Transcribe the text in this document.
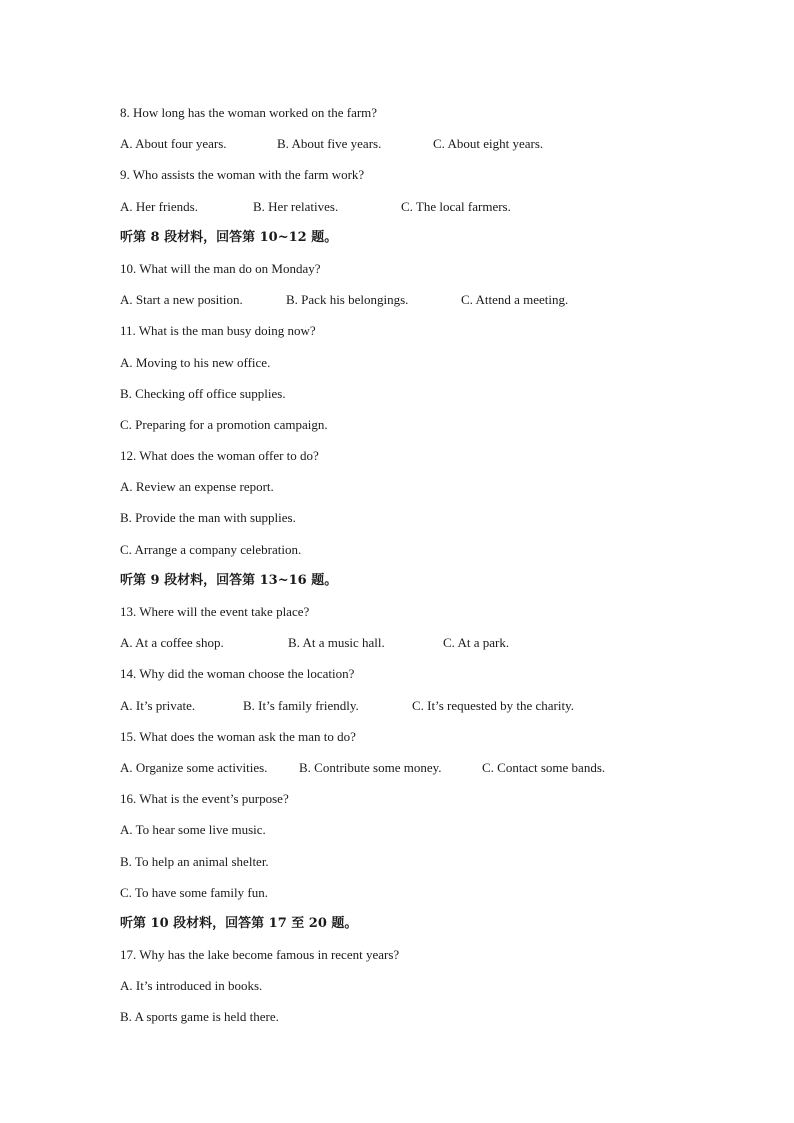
8. How long has the woman worked on the farm?
A. About four years.	B. About five years.	C. About eight years.
9. Who assists the woman with the farm work?
A. Her friends.	B. Her relatives.	C. The local farmers.
听第 8 段材料，回答第 10~12 题。
10. What will the man do on Monday?
A. Start a new position.	B. Pack his belongings.	C. Attend a meeting.
11. What is the man busy doing now?
A. Moving to his new office.
B. Checking off office supplies.
C. Preparing for a promotion campaign.
12. What does the woman offer to do?
A. Review an expense report.
B. Provide the man with supplies.
C. Arrange a company celebration.
听第 9 段材料，回答第 13~16 题。
13. Where will the event take place?
A. At a coffee shop.	B. At a music hall.	C. At a park.
14. Why did the woman choose the location?
A. It’s private.	B. It’s family friendly.	C. It’s requested by the charity.
15. What does the woman ask the man to do?
A. Organize some activities. B. Contribute some money.	C. Contact some bands.
16. What is the event’s purpose?
A. To hear some live music.
B. To help an animal shelter.
C. To have some family fun.
听第 10 段材料，回答第 17 至 20 题。
17. Why has the lake become famous in recent years?
A. It’s introduced in books.
B. A sports game is held there.
